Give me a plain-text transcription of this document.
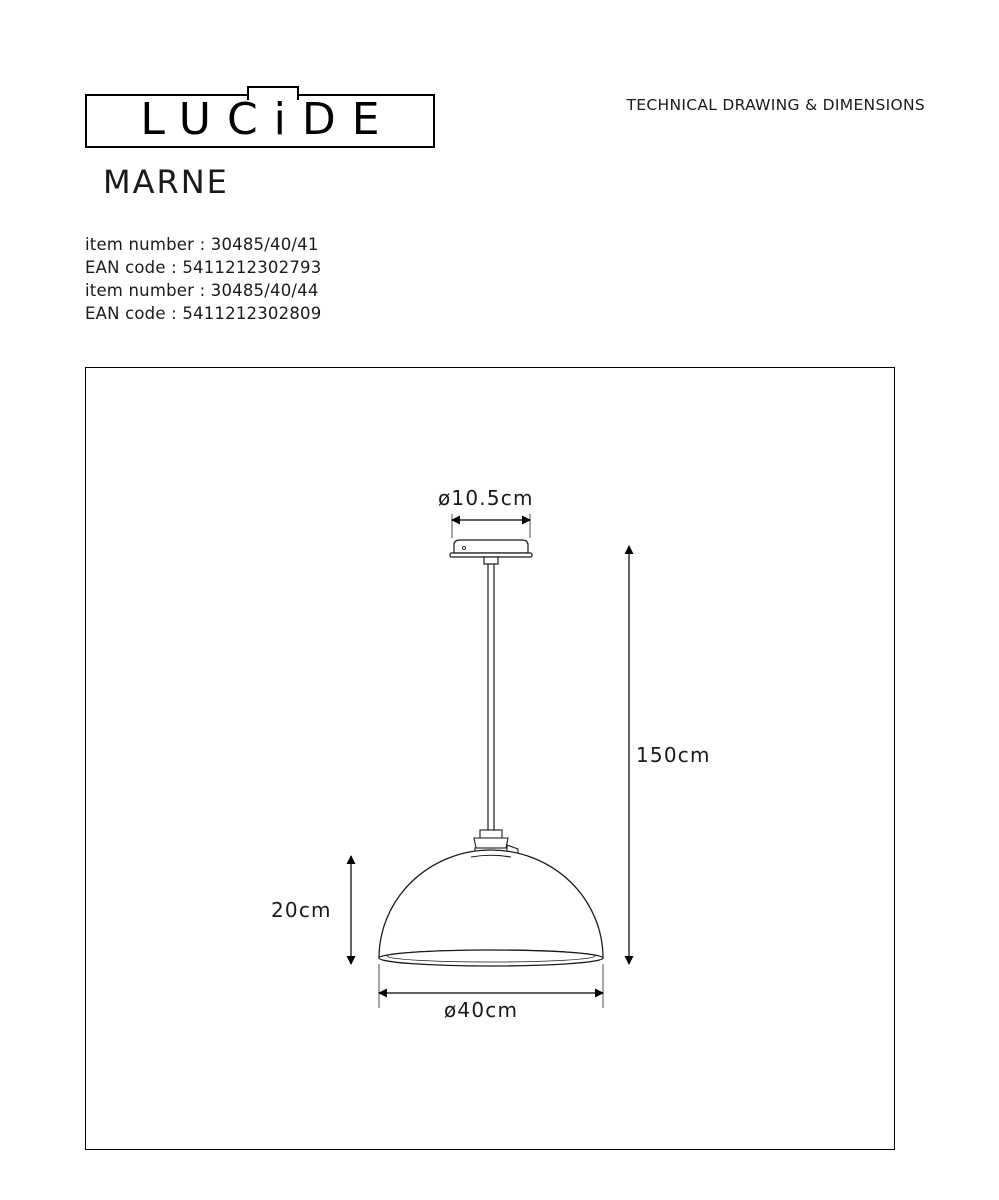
LUCiDE	TECHNICAL DRAWING & DIMENSIONS
MARNE
item number : 30485/40/41
EAN code : 5411212302793
item number : 30485/40/44
EAN code : 5411212302809
ø10.5cm
150cm
20cm
ø40cm
